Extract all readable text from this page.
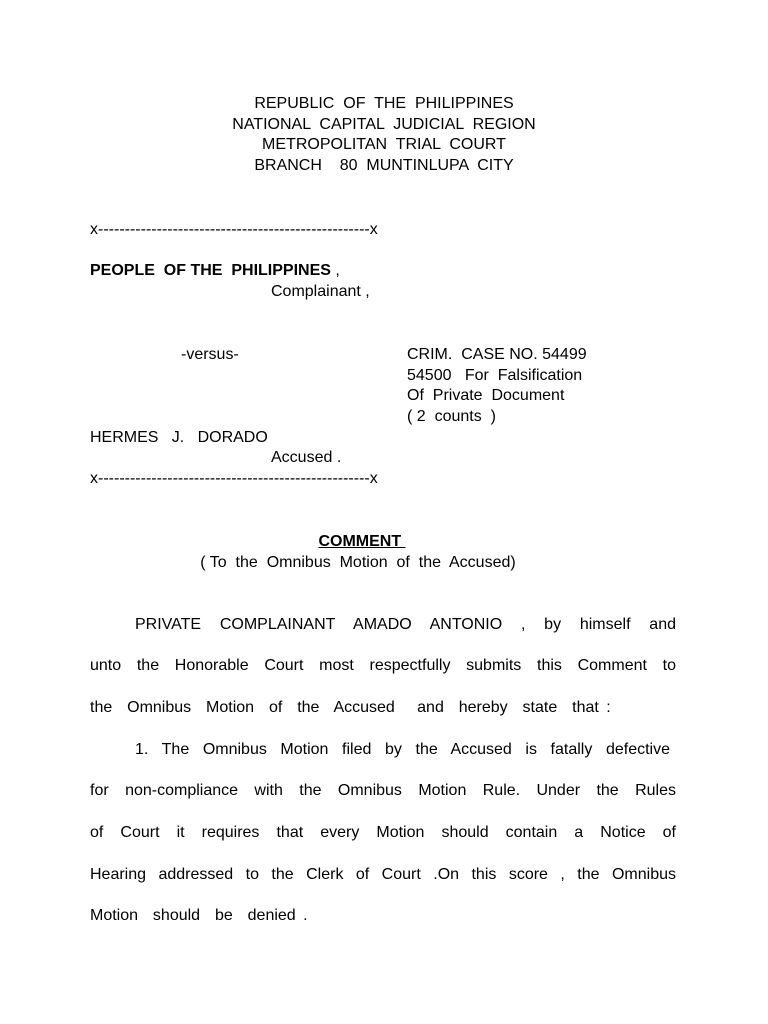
REPUBLIC  OF  THE  PHILIPPINES
NATIONAL  CAPITAL  JUDICIAL  REGION
METROPOLITAN  TRIAL  COURT
BRANCH    80  MUNTINLUPA  CITY
x---------------------------------------------------x
PEOPLE  OF THE  PHILIPPINES ,
Complainant ,
-versus-	CRIM.  CASE NO. 54499
54500   For  Falsification
Of  Private  Document
( 2  counts  )
HERMES   J.   DORADO
Accused .
x---------------------------------------------------x
COMMENT
( To  the  Omnibus  Motion  of  the  Accused)
PRIVATE COMPLAINANT AMADO ANTONIO , by himself and
unto the Honorable Court most respectfully submits this Comment to
the  Omnibus  Motion  of  the  Accused   and  hereby  state  that :
1. The Omnibus Motion filed by the Accused is fatally defective
for non-compliance with the Omnibus Motion Rule. Under the Rules
of Court it requires that every Motion should contain a Notice of
Hearing addressed to the Clerk of Court .On this score , the Omnibus
Motion  should  be  denied .
